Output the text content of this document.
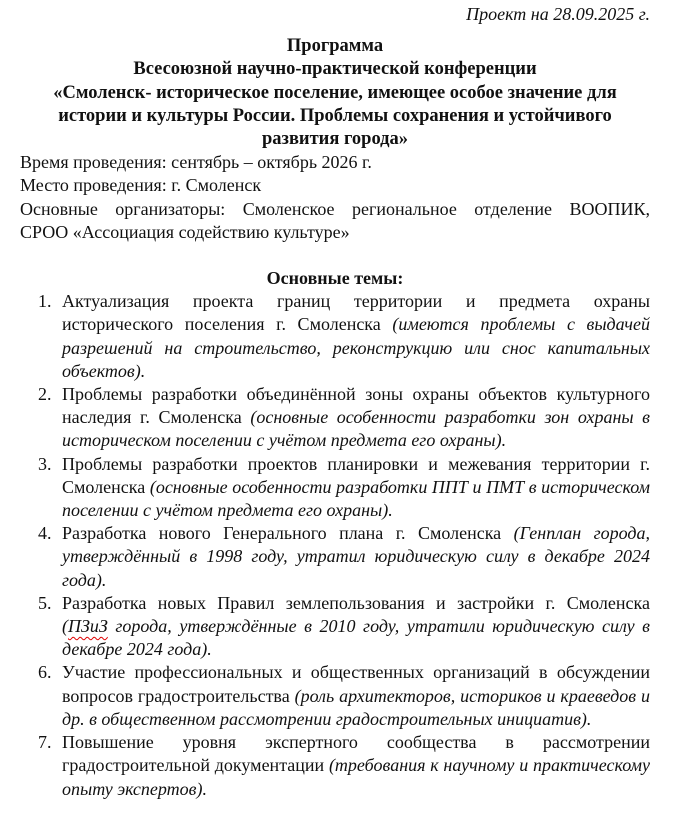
Проект на 28.09.2025 г.
Программа
Всесоюзной научно-практической конференции
«Смоленск- историческое поселение, имеющее особое значение для истории и культуры России. Проблемы сохранения и устойчивого развития города»

Время проведения: сентябрь – октябрь 2026 г.

Место проведения: г. Смоленск

Основные организаторы: Смоленское региональное отделение ВООПИК,

СРОО «Ассоциация содействию культуре»

Основные темы:
1. Актуализация проекта границ территории и предмета охраны исторического поселения г. Смоленска (имеются проблемы с выдачей разрешений на строительство, реконструкцию или снос капитальных объектов).
2. Проблемы разработки объединённой зоны охраны объектов культурного наследия г. Смоленска (основные особенности разработки зон охраны в историческом поселении с учётом предмета его охраны).
3. Проблемы разработки проектов планировки и межевания территории г. Смоленска (основные особенности разработки ППТ и ПМТ в историческом поселении с учётом предмета его охраны).
4. Разработка нового Генерального плана г. Смоленска (Генплан города, утверждённый в 1998 году, утратил юридическую силу в декабре 2024 года).
5. Разработка новых Правил землепользования и застройки г. Смоленска (ПЗиЗ города, утверждённые в 2010 году, утратили юридическую силу в декабре 2024 года).
6. Участие профессиональных и общественных организаций в обсуждении вопросов градостроительства (роль архитекторов, историков и краеведов и др. в общественном рассмотрении градостроительных инициатив).
7. Повышение уровня экспертного сообщества в рассмотрении градостроительной документации (требования к научному и практическому опыту экспертов).
